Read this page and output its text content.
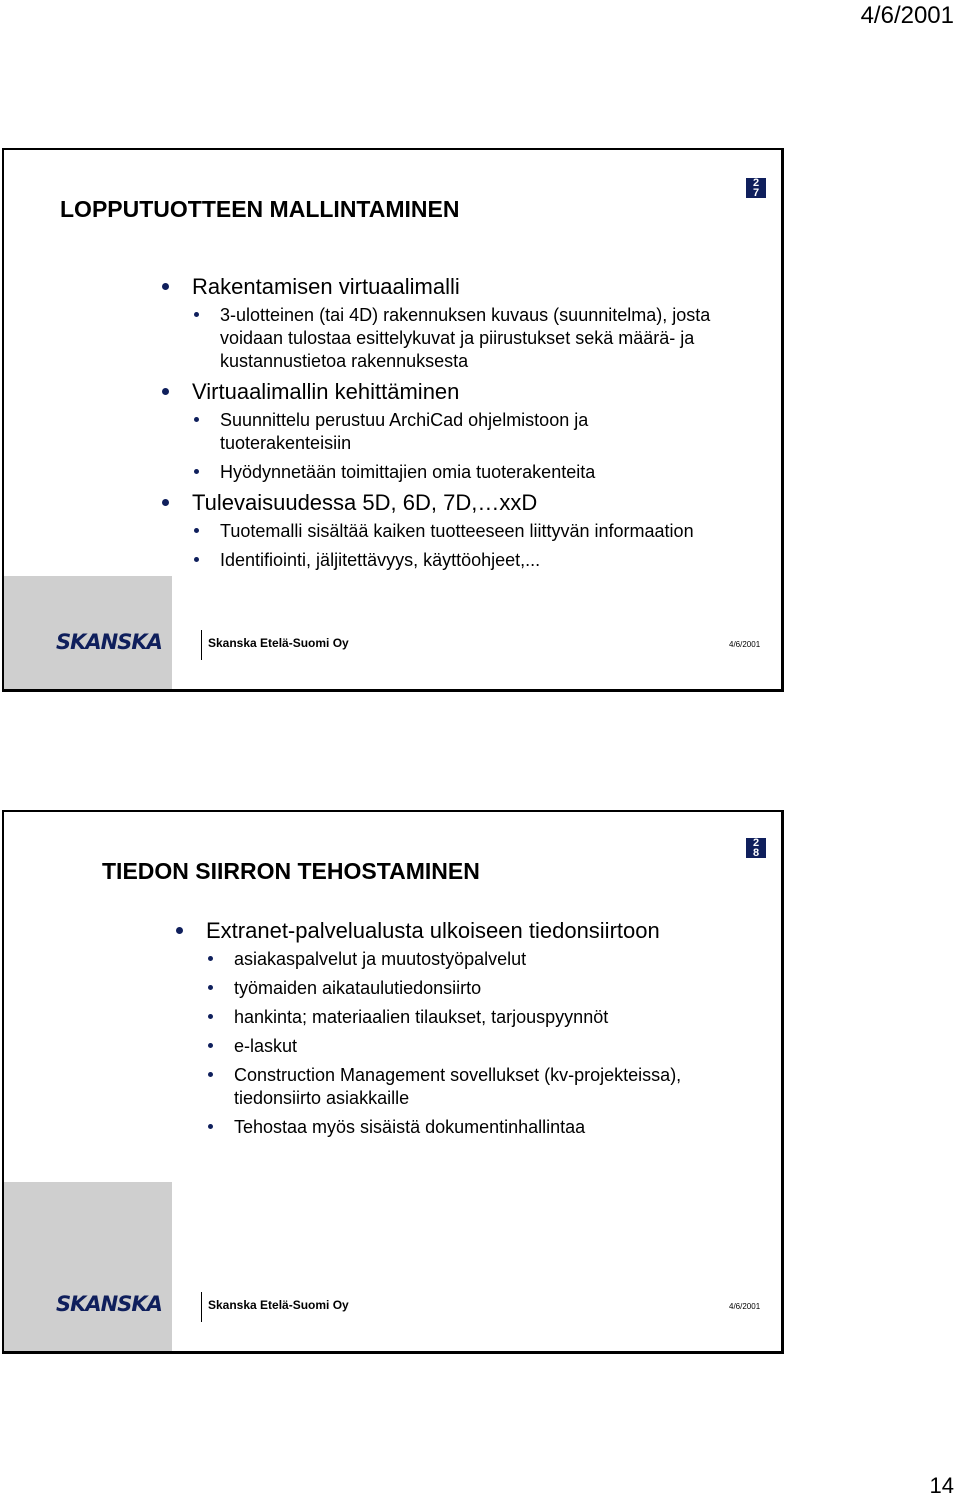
4/6/2001
LOPPUTUOTTEEN MALLINTAMINEN
2
7
Rakentamisen virtuaalimalli
3-ulotteinen (tai 4D) rakennuksen kuvaus (suunnitelma), josta voidaan tulostaa esittelykuvat ja piirustukset sekä määrä- ja kustannustietoa rakennuksesta
Virtuaalimallin kehittäminen
Suunnittelu perustuu ArchiCad ohjelmistoon ja tuoterakenteisiin
Hyödynnetään toimittajien omia tuoterakenteita
Tulevaisuudessa 5D, 6D, 7D,…xxD
Tuotemalli sisältää kaiken tuotteeseen liittyvän informaation
Identifiointi, jäljitettävyys, käyttöohjeet,...
SKANSKA	Skanska Etelä-Suomi Oy	4/6/2001
TIEDON SIIRRON TEHOSTAMINEN
2
8
Extranet-palvelualusta ulkoiseen tiedonsiirtoon
asiakaspalvelut ja muutostyöpalvelut
työmaiden aikataulutiedonsiirto
hankinta; materiaalien tilaukset, tarjouspyynnöt
e-laskut
Construction Management sovellukset (kv-projekteissa), tiedonsiirto asiakkaille
Tehostaa myös sisäistä dokumentinhallintaa
SKANSKA	Skanska Etelä-Suomi Oy	4/6/2001
14
